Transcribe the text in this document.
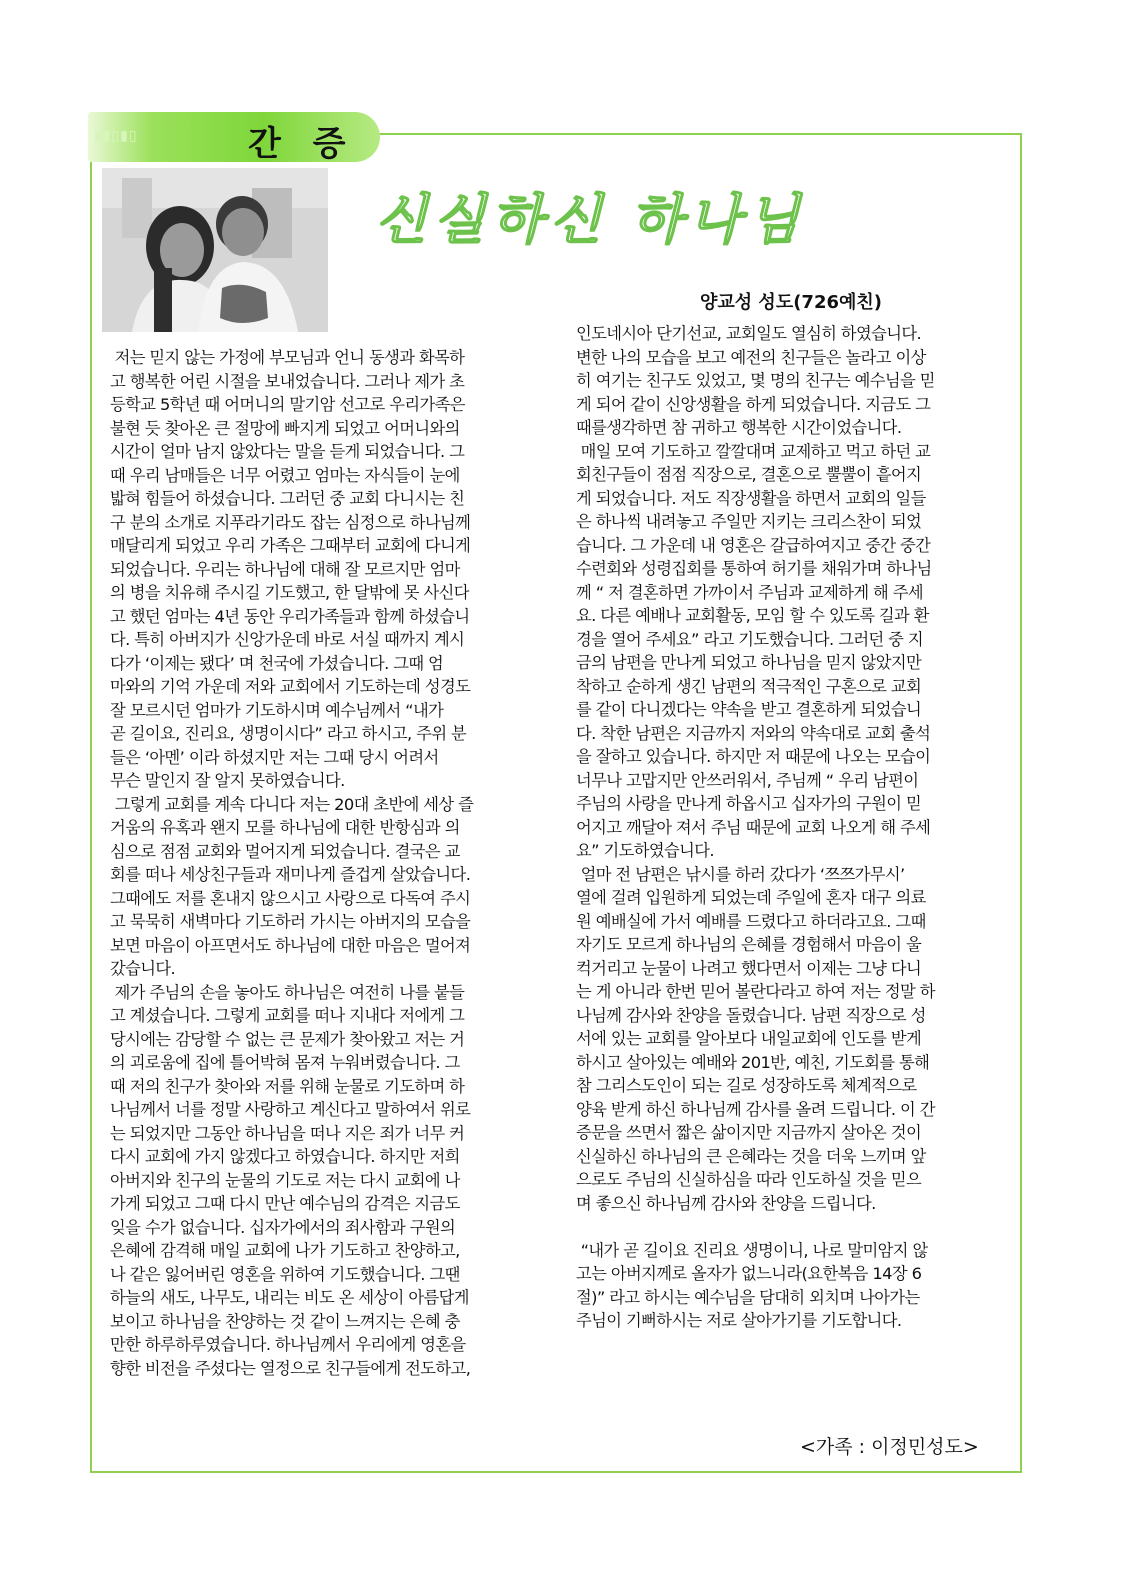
▮▮▯▮▯	간 증
신실하신 하나님
양교성 성도(726예친)

저는 믿지 않는 가정에 부모님과 언니 동생과 화목하

고 행복한 어린 시절을 보내었습니다. 그러나 제가 초

등학교 5학년 때 어머니의 말기암 선고로 우리가족은

불현 듯 찾아온 큰 절망에 빠지게 되었고 어머니와의

시간이 얼마 남지 않았다는 말을 듣게 되었습니다. 그

때 우리 남매들은 너무 어렸고 엄마는 자식들이 눈에

밟혀 힘들어 하셨습니다. 그러던 중 교회 다니시는 친

구 분의 소개로 지푸라기라도 잡는 심정으로 하나님께

매달리게 되었고 우리 가족은 그때부터 교회에 다니게

되었습니다. 우리는 하나님에 대해 잘 모르지만 엄마

의 병을 치유해 주시길 기도했고, 한 달밖에 못 사신다

고 했던 엄마는 4년 동안 우리가족들과 함께 하셨습니

다. 특히 아버지가 신앙가운데 바로 서실 때까지 계시

다가 ‘이제는 됐다’ 며 천국에 가셨습니다. 그때 엄

마와의 기억 가운데 저와 교회에서 기도하는데 성경도

잘 모르시던 엄마가 기도하시며 예수님께서 “내가

곧 길이요, 진리요, 생명이시다” 라고 하시고, 주위 분

들은 ‘아멘’ 이라 하셨지만 저는 그때 당시 어려서

무슨 말인지 잘 알지 못하였습니다.

그렇게 교회를 계속 다니다 저는 20대 초반에 세상 즐

거움의 유혹과 왠지 모를 하나님에 대한 반항심과 의

심으로 점점 교회와 멀어지게 되었습니다. 결국은 교

회를 떠나 세상친구들과 재미나게 즐겁게 살았습니다.

그때에도 저를 혼내지 않으시고 사랑으로 다독여 주시

고 묵묵히 새벽마다 기도하러 가시는 아버지의 모습을

보면 마음이 아프면서도 하나님에 대한 마음은 멀어져

갔습니다.

제가 주님의 손을 놓아도 하나님은 여전히 나를 붙들

고 계셨습니다. 그렇게 교회를 떠나 지내다 저에게 그

당시에는 감당할 수 없는 큰 문제가 찾아왔고 저는 거

의 괴로움에 집에 틀어박혀 몸져 누워버렸습니다. 그

때 저의 친구가 찾아와 저를 위해 눈물로 기도하며 하

나님께서 너를 정말 사랑하고 계신다고 말하여서 위로

는 되었지만 그동안 하나님을 떠나 지은 죄가 너무 커

다시 교회에 가지 않겠다고 하였습니다. 하지만 저희

아버지와 친구의 눈물의 기도로 저는 다시 교회에 나

가게 되었고 그때 다시 만난 예수님의 감격은 지금도

잊을 수가 없습니다. 십자가에서의 죄사함과 구원의

은혜에 감격해 매일 교회에 나가 기도하고 찬양하고,

나 같은 잃어버린 영혼을 위하여 기도했습니다. 그땐

하늘의 새도, 나무도, 내리는 비도 온 세상이 아름답게

보이고 하나님을 찬양하는 것 같이 느껴지는 은혜 충

만한 하루하루였습니다. 하나님께서 우리에게 영혼을

향한 비전을 주셨다는 열정으로 친구들에게 전도하고,

인도네시아 단기선교, 교회일도 열심히 하였습니다.

변한 나의 모습을 보고 예전의 친구들은 놀라고 이상

히 여기는 친구도 있었고, 몇 명의 친구는 예수님을 믿

게 되어 같이 신앙생활을 하게 되었습니다. 지금도 그

때를생각하면 참 귀하고 행복한 시간이었습니다.

매일 모여 기도하고 깔깔대며 교제하고 먹고 하던 교

회친구들이 점점 직장으로, 결혼으로 뿔뿔이 흩어지

게 되었습니다. 저도 직장생활을 하면서 교회의 일들

은 하나씩 내려놓고 주일만 지키는 크리스찬이 되었

습니다. 그 가운데 내 영혼은 갈급하여지고 중간 중간

수련회와 성령집회를 통하여 허기를 채워가며 하나님

께 “ 저 결혼하면 가까이서 주님과 교제하게 해 주세

요. 다른 예배나 교회활동, 모임 할 수 있도록 길과 환

경을 열어 주세요” 라고 기도했습니다. 그러던 중 지

금의 남편을 만나게 되었고 하나님을 믿지 않았지만

착하고 순하게 생긴 남편의 적극적인 구혼으로 교회

를 같이 다니겠다는 약속을 받고 결혼하게 되었습니

다. 착한 남편은 지금까지 저와의 약속대로 교회 출석

을 잘하고 있습니다. 하지만 저 때문에 나오는 모습이

너무나 고맙지만 안쓰러워서, 주님께 “ 우리 남편이

주님의 사랑을 만나게 하옵시고 십자가의 구원이 믿

어지고 깨달아 져서 주님 때문에 교회 나오게 해 주세

요” 기도하였습니다.

얼마 전 남편은 낚시를 하러 갔다가 ‘쯔쯔가무시’

열에 걸려 입원하게 되었는데 주일에 혼자 대구 의료

원 예배실에 가서 예배를 드렸다고 하더라고요. 그때

자기도 모르게 하나님의 은혜를 경험해서 마음이 울

컥거리고 눈물이 나려고 했다면서 이제는 그냥 다니

는 게 아니라 한번 믿어 볼란다라고 하여 저는 정말 하

나님께 감사와 찬양을 돌렸습니다. 남편 직장으로 성

서에 있는 교회를 알아보다 내일교회에 인도를 받게

하시고 살아있는 예배와 201반, 예친, 기도회를 통해

참 그리스도인이 되는 길로 성장하도록 체계적으로

양육 받게 하신 하나님께 감사를 올려 드립니다. 이 간

증문을 쓰면서 짧은 삶이지만 지금까지 살아온 것이

신실하신 하나님의 큰 은혜라는 것을 더욱 느끼며 앞

으로도 주님의 신실하심을 따라 인도하실 것을 믿으

며 좋으신 하나님께 감사와 찬양을 드립니다.

“내가 곧 길이요 진리요 생명이니, 나로 말미암지 않

고는 아버지께로 올자가 없느니라(요한복음 14장 6

절)” 라고 하시는 예수님을 담대히 외치며 나아가는

주님이 기뻐하시는 저로 살아가기를 기도합니다.

<가족 : 이정민성도>
